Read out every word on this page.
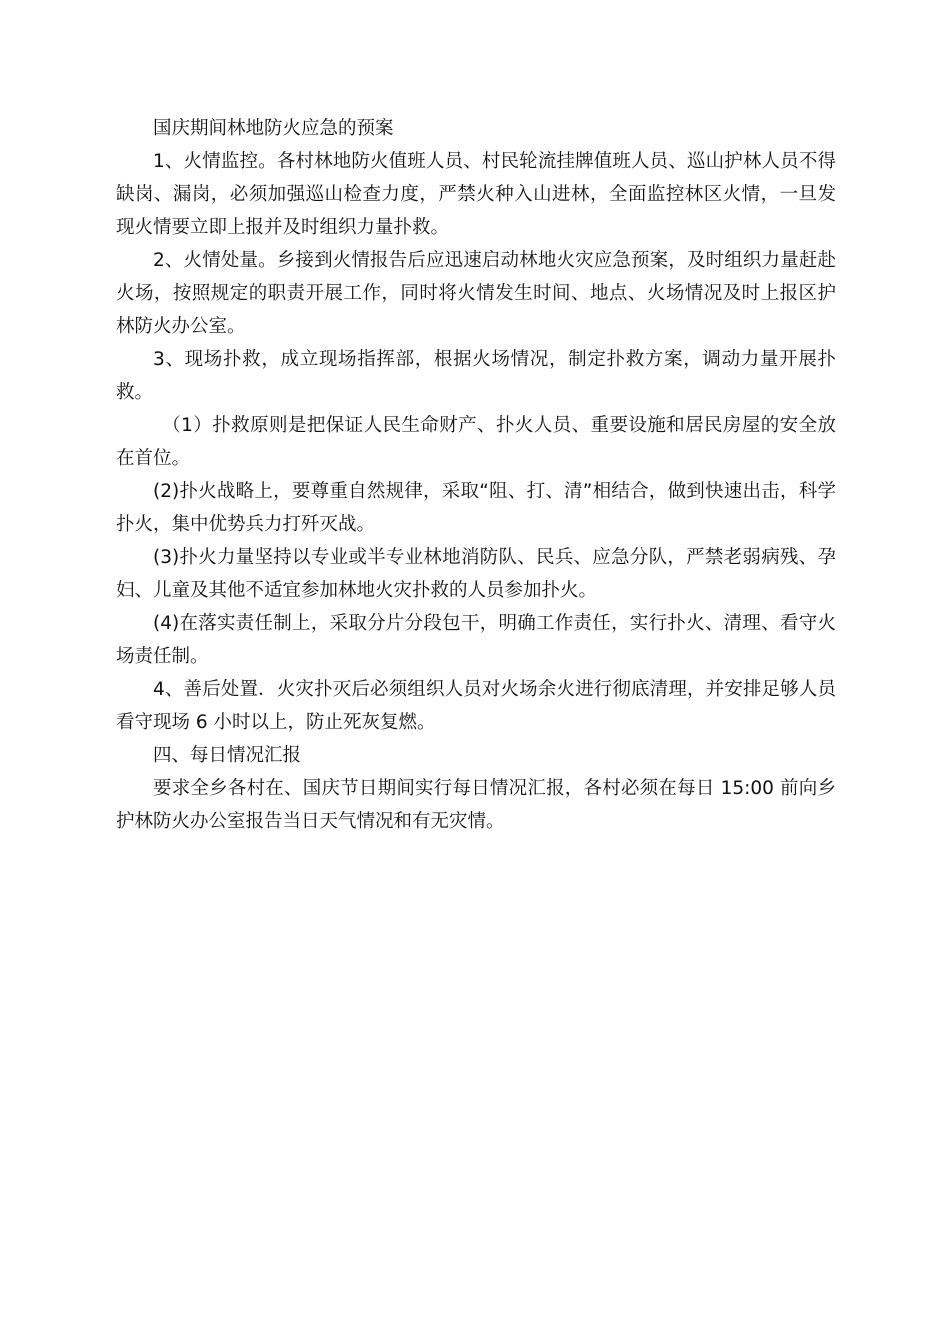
国庆期间林地防火应急的预案

1、火情监控。各村林地防火值班人员、村民轮流挂牌值班人员、巡山护林人员不得缺岗、漏岗，必须加强巡山检查力度，严禁火种入山进林，全面监控林区火情，一旦发现火情要立即上报并及时组织力量扑救。

2、火情处量。乡接到火情报告后应迅速启动林地火灾应急预案，及时组织力量赶赴火场，按照规定的职责开展工作，同时将火情发生时间、地点、火场情况及时上报区护林防火办公室。

3、现场扑救，成立现场指挥部，根据火场情况，制定扑救方案，调动力量开展扑救。

（1）扑救原则是把保证人民生命财产、扑火人员、重要设施和居民房屋的安全放在首位。

(2)扑火战略上，要尊重自然规律，采取“阻、打、清”相结合，做到快速出击，科学扑火，集中优势兵力打歼灭战。

(3)扑火力量坚持以专业或半专业林地消防队、民兵、应急分队，严禁老弱病残、孕妇、儿童及其他不适宜参加林地火灾扑救的人员参加扑火。

(4)在落实责任制上，采取分片分段包干，明确工作责任，实行扑火、清理、看守火场责任制。

4、善后处置．火灾扑灭后必须组织人员对火场余火进行彻底清理，并安排足够人员看守现场 6 小时以上，防止死灰复燃。

四、每日情况汇报

要求全乡各村在、国庆节日期间实行每日情况汇报，各村必须在每日 15:00 前向乡护林防火办公室报告当日天气情况和有无灾情。
